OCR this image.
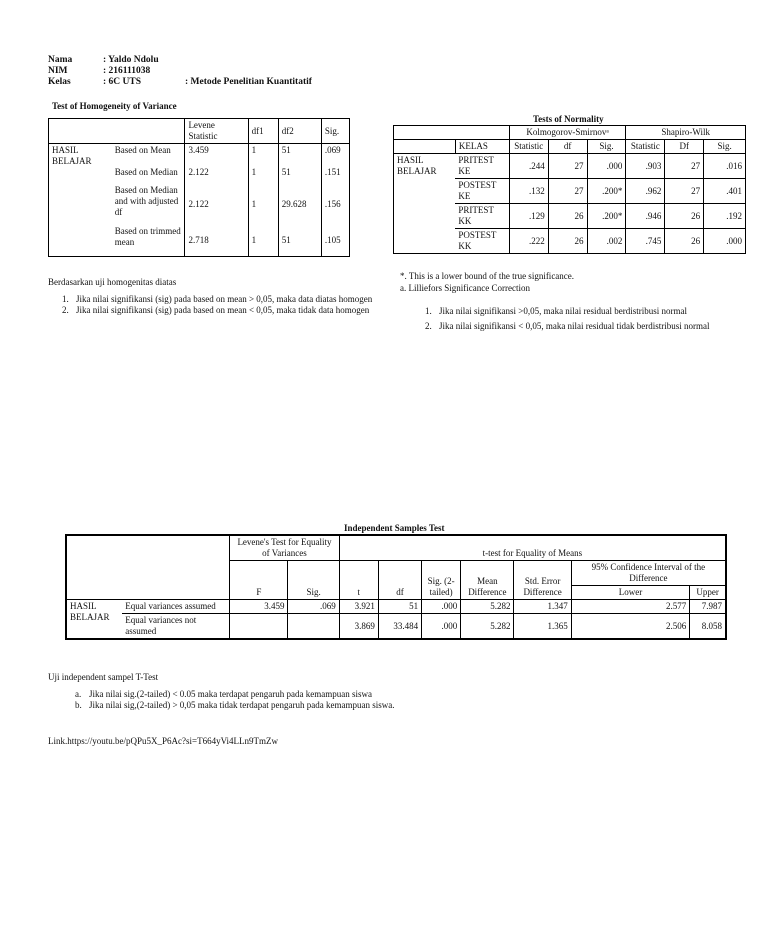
Nama	: Yaldo Ndolu
NIM	: 216111038
Kelas	: 6C UTS	: Metode Penelitian Kuantitatif
Test of Homogeneity of Variance
		Levene Statistic	df1	df2	Sig.
HASIL BELAJAR	Based on Mean	3.459	1	51	.069
	Based on Median	2.122	1	51	.151
	Based on Median and with adjusted df	2.122	1	29.628	.156
	Based on trimmed mean	2.718	1	51	.105
Berdasarkan uji homogenitas diatas
1. Jika nilai signifikansi (sig) pada based on mean > 0,05, maka data diatas homogen
2. Jika nilai signifikansi (sig) pada based on mean < 0,05, maka tidak data homogen
Tests of Normality
		Kolmogorov-Smirnovᵃ			Shapiro-Wilk		
	KELAS	Statistic	df	Sig.	Statistic	Df	Sig.
HASIL BELAJAR	PRITEST KE	.244	27	.000	.903	27	.016
	POSTEST KE	.132	27	.200*	.962	27	.401
	PRITEST KK	.129	26	.200*	.946	26	.192
	POSTEST KK	.222	26	.002	.745	26	.000
*. This is a lower bound of the true significance.
a. Lilliefors Significance Correction
1. Jika nilai signifikansi >0,05, maka nilai residual berdistribusi normal
2. Jika nilai signifikansi < 0,05, maka nilai residual tidak berdistribusi normal
Independent Samples Test
		Levene's Test for Equality of Variances		t-test for Equality of Means						
		F	Sig.	t	df	Sig. (2-tailed)	Mean Difference	Std. Error Difference	95% Confidence Interval of the Difference	
									Lower	Upper
HASIL BELAJAR	Equal variances assumed	3.459	.069	3.921	51	.000	5.282	1.347	2.577	7.987
	Equal variances not assumed			3.869	33.484	.000	5.282	1.365	2.506	8.058
Uji independent sampel T-Test
a. Jika nilai sig.(2-tailed) < 0.05 maka terdapat pengaruh pada kemampuan siswa
b. Jika nilai sig,(2-tailed) > 0,05 maka tidak terdapat pengaruh pada kemampuan siswa.
Link.https://youtu.be/pQPu5X_P6Ac?si=T664yVi4LLn9TmZw
